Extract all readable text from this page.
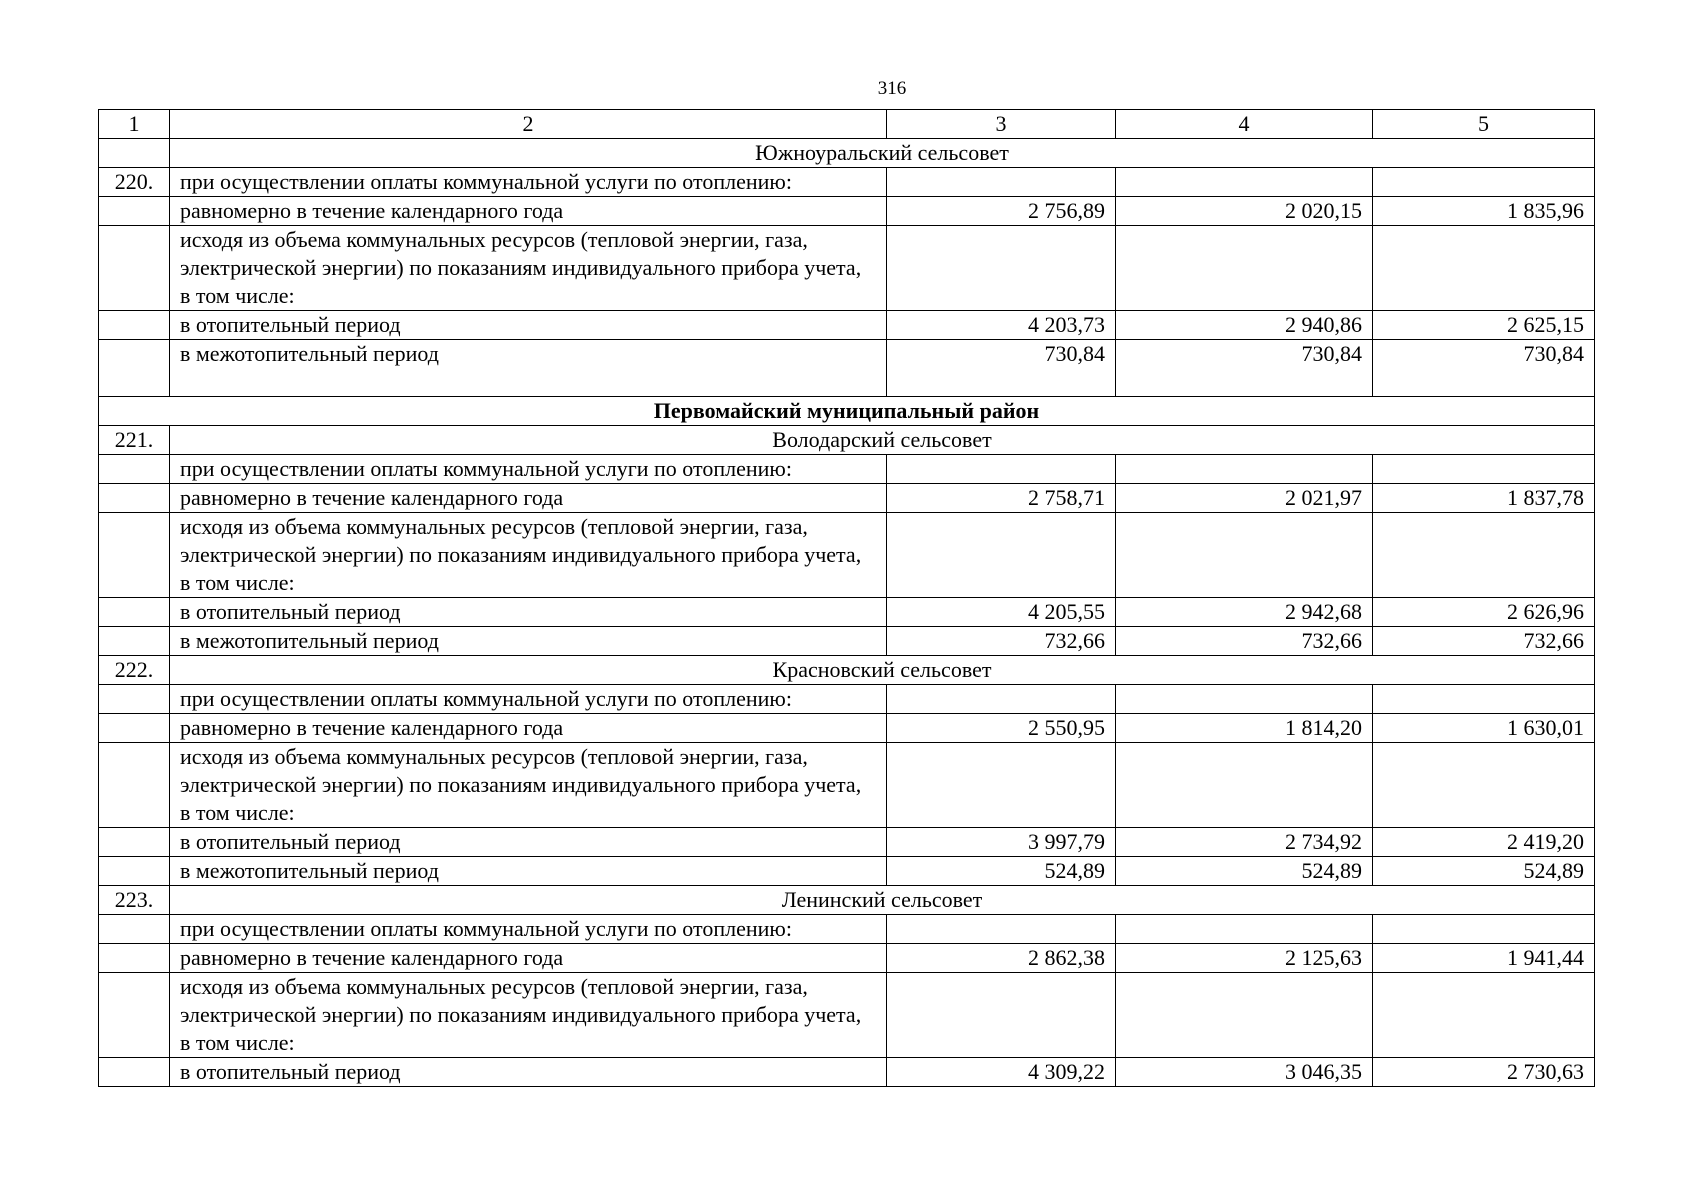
316
1	2	3	4	5
	Южноуральский сельсовет			
220.	при осуществлении оплаты коммунальной услуги по отоплению:			
	равномерно в течение календарного года	2 756,89	2 020,15	1 835,96
	исходя из объема коммунальных ресурсов (тепловой энергии, газа, электрической энергии) по показаниям индивидуального прибора учета, в том числе:			
	в отопительный период	4 203,73	2 940,86	2 625,15
	в межотопительный период	730,84	730,84	730,84
Первомайский муниципальный район				
221.	Володарский сельсовет			
	при осуществлении оплаты коммунальной услуги по отоплению:			
	равномерно в течение календарного года	2 758,71	2 021,97	1 837,78
	исходя из объема коммунальных ресурсов (тепловой энергии, газа, электрической энергии) по показаниям индивидуального прибора учета, в том числе:			
	в отопительный период	4 205,55	2 942,68	2 626,96
	в межотопительный период	732,66	732,66	732,66
222.	Красновский сельсовет			
	при осуществлении оплаты коммунальной услуги по отоплению:			
	равномерно в течение календарного года	2 550,95	1 814,20	1 630,01
	исходя из объема коммунальных ресурсов (тепловой энергии, газа, электрической энергии) по показаниям индивидуального прибора учета, в том числе:			
	в отопительный период	3 997,79	2 734,92	2 419,20
	в межотопительный период	524,89	524,89	524,89
223.	Ленинский сельсовет			
	при осуществлении оплаты коммунальной услуги по отоплению:			
	равномерно в течение календарного года	2 862,38	2 125,63	1 941,44
	исходя из объема коммунальных ресурсов (тепловой энергии, газа, электрической энергии) по показаниям индивидуального прибора учета, в том числе:			
	в отопительный период	4 309,22	3 046,35	2 730,63
